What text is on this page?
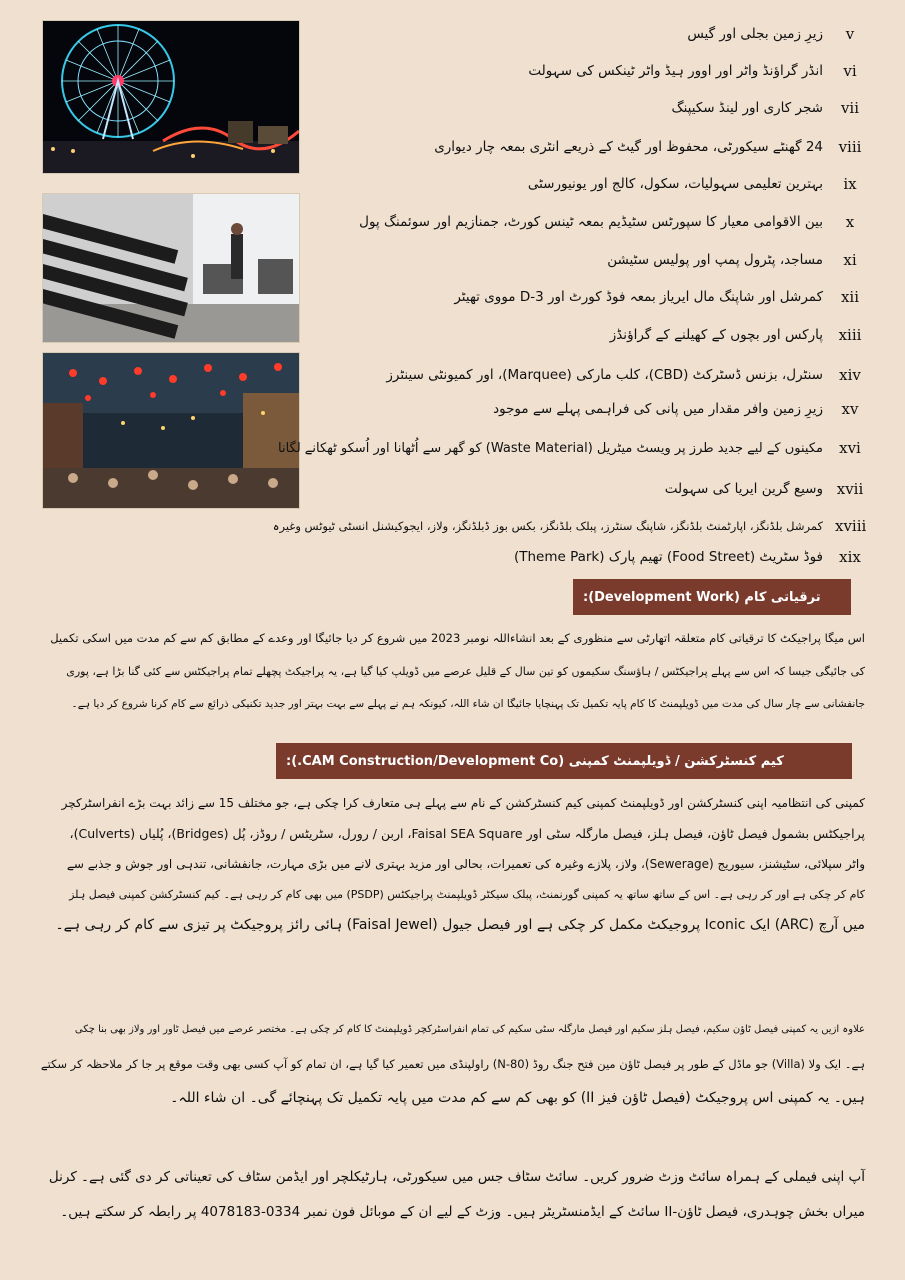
v
زیرِ زمین بجلی اور گیس
vi
انڈر گراؤنڈ واٹر اور اوور ہیڈ واٹر ٹینکس کی سہولت
vii
شجر کاری اور لینڈ سکیپنگ
viii
24 گھنٹے سیکورٹی، محفوظ اور گیٹ کے ذریعے انٹری بمعہ چار دیواری
ix
بہترین تعلیمی سہولیات، سکول، کالج اور یونیورسٹی
x
بین الاقوامی معیار کا سپورٹس سٹیڈیم بمعہ ٹینس کورٹ، جمنازیم اور سوئمنگ پول
xi
مساجد، پٹرول پمپ اور پولیس سٹیشن
xii
کمرشل اور شاپنگ مال ایریاز بمعہ فوڈ کورٹ اور 3-D مووی تھیٹر
xiii
پارکس اور بچوں کے کھیلنے کے گراؤنڈز
xiv
سنٹرل، بزنس ڈسٹرکٹ (CBD)، کلب مارکی (Marquee)، اور کمیونٹی سینٹرز
xv
زیرِ زمین وافر مقدار میں پانی کی فراہمی پہلے سے موجود
xvi
مکینوں کے لیے جدید طرز پر ویسٹ میٹریل (Waste Material) کو گھر سے اُٹھانا اور اُسکو ٹھکانے لگانا
xvii
وسیع گرین ایریا کی سہولت
xviii
کمرشل بلڈنگز، اپارٹمنٹ بلڈنگز، شاپنگ سنٹرز، پبلک بلڈنگز، بکس بوز ڈبلڈنگز، ولاز، ایجوکیشنل انسٹی ٹیوٹس وغیرہ
xix
فوڈ سٹریٹ (Food Street) تھیم پارک (Theme Park)
ترقیاتی کام (Development Work):

اس میگا پراجیکٹ کا ترقیاتی کام متعلقہ اتھارٹی سے منظوری کے بعد انشاءاللہ نومبر 2023 میں شروع کر دیا جائیگا اور وعدے کے مطابق کم سے کم مدت میں اسکی تکمیل

کی جائیگی جیسا کہ اس سے پہلے پراجیکٹس / ہاؤسنگ سکیموں کو تین سال کے قلیل عرصے میں ڈویلپ کیا گیا ہے، یہ پراجیکٹ پچھلے تمام پراجیکٹس سے کئی گنا بڑا ہے، پوری

جانفشانی سے چار سال کی مدت میں ڈویلپمنٹ کا کام پایہ تکمیل تک پہنچایا جائیگا ان شاء اللہ، کیونکہ ہم نے پہلے سے بہت بہتر اور جدید تکنیکی ذرائع سے کام کرنا شروع کر دیا ہے۔

کیم کنسٹرکشن / ڈویلپمنٹ کمپنی (CAM Construction/Development Co.):

کمپنی کی انتظامیہ اپنی کنسٹرکشن اور ڈویلپمنٹ کمپنی کیم کنسٹرکشن کے نام سے پہلے ہی متعارف کرا چکی ہے، جو مختلف 15 سے زائد بہت بڑے انفراسٹرکچر

پراجیکٹس بشمول فیصل ٹاؤن، فیصل ہلز، فیصل مارگلہ سٹی اور Faisal SEA Square، اربن / رورل، سٹریٹس / روڈز، پُل (Bridges)، پُلیاں (Culverts)،

واٹر سپلائی، سٹیشنز، سیوریج (Sewerage)، ولاز، پلازے وغیرہ کی تعمیرات، بحالی اور مزید بہتری لانے میں بڑی مہارت، جانفشانی، تندہی اور جوش و جذبے سے

کام کر چکی ہے اور کر رہی ہے۔ اس کے ساتھ ساتھ یہ کمپنی گورنمنٹ، پبلک سیکٹر ڈویلپمنٹ پراجیکٹس (PSDP) میں بھی کام کر رہی ہے۔ کیم کنسٹرکشن کمپنی فیصل ہلز

میں آرچ (ARC) ایک Iconic پروجیکٹ مکمل کر چکی ہے اور فیصل جیول (Faisal Jewel) ہائی رائز پروجیکٹ پر تیزی سے کام کر رہی ہے۔

علاوہ ازیں یہ کمپنی فیصل ٹاؤن سکیم، فیصل ہلز سکیم اور فیصل مارگلہ سٹی سکیم کی تمام انفراسٹرکچر ڈویلپمنٹ کا کام کر چکی ہے۔ مختصر عرصے میں فیصل ٹاور اور ولاز بھی بنا چکی

ہے۔ ایک ولا (Villa) جو ماڈل کے طور پر فیصل ٹاؤن مین فتح جنگ روڈ (N-80) راولپنڈی میں تعمیر کیا گیا ہے، ان تمام کو آپ کسی بھی وقت موقع پر جا کر ملاحظہ کر سکتے

ہیں۔ یہ کمپنی اس پروجیکٹ (فیصل ٹاؤن فیز II) کو بھی کم سے کم مدت میں پایہ تکمیل تک پہنچائے گی۔ ان شاء اللہ۔

آپ اپنی فیملی کے ہمراہ سائٹ وزٹ ضرور کریں۔ سائٹ سٹاف جس میں سیکورٹی، ہارٹیکلچر اور ایڈمن سٹاف کی تعیناتی کر دی گئی ہے۔ کرنل

میراں بخش چوہدری، فیصل ٹاؤن-II سائٹ کے ایڈمنسٹریٹر ہیں۔ وزٹ کے لیے ان کے موبائل فون نمبر 0334-4078183 پر رابطہ کر سکتے ہیں۔
